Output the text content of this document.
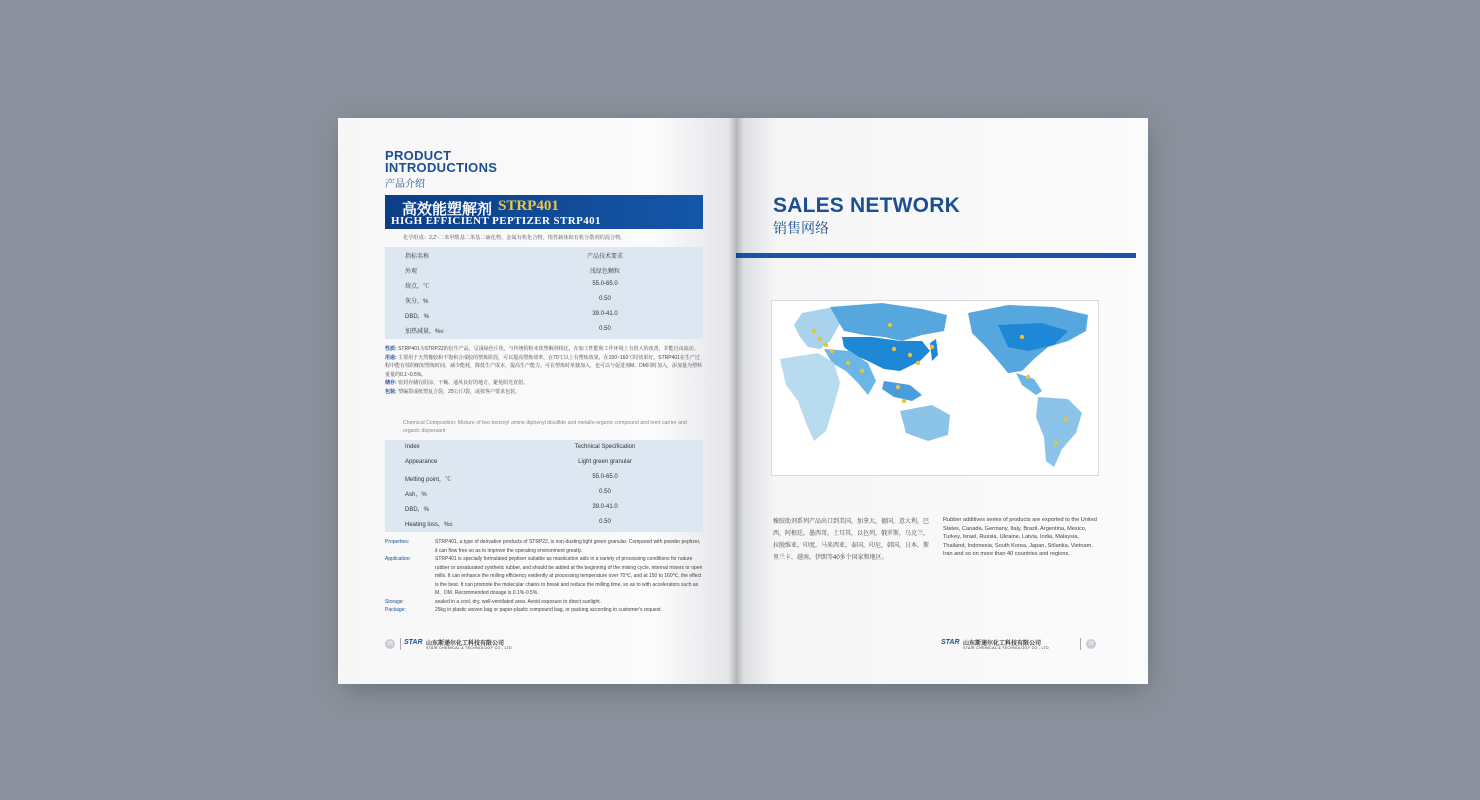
PRODUCT
INTRODUCTIONS
产品介绍
高效能塑解剂 STRP401
HIGH EFFICIENT PEPTIZER STRP401
化学组成：2,2'-二苯甲酰基二苯基二硫化物，金属有机化合物，惰性载体和有机分散剂的混合物。
指标名称	产品技术要求
外观	浅绿色颗粒
熔点，℃	55.0-65.0
灰分，%	0.50
DBD，%	39.0-41.0
加热减量，%≤	0.50
性质: STRP401为STRP22的衍生产品，呈浅绿色片状，与传统的粉末状塑解剂相比，在加工性能和工作环境上有很大的改善，并能自由流动。
用途: 主要用于天然橡胶和不饱和合成胶的塑炼阶段，可以提高塑炼效率，在70℃以上有塑炼效果，在150~160℃时效果好。STRP401在生产过程中能有效的缩短塑炼时间，减少能耗，降低生产成本，提高生产能力。可在塑炼时单独加入，也可以与促进剂M、DM同时加入，添加量为塑料重量的0.1~0.5%。
储存: 密封存储在阴凉、干燥、通风良好的地方，避免阳光直射。
包装: 塑编袋或纸塑复合袋，25公斤/袋，或按客户要求包装。
Chemical Composition: Mixture of two benzoyl amine diphenyl disulfide and metallo-organic compound and inert carrier and organic dispersant
Index	Technical Specification
Appearance	Light green granular
Melting point，℃	55.0-65.0
Ash，%	0.50
DBD，%	39.0-41.0
Heating loss，%≤	0.50
Properties:	STRP401, a type of derivative products of STRP22, is non-dusting light green granular. Compared with powder peptizer, it can flow free so as to improve the operating environment greatly.
Application:	STRP401 is specially formulated peptiser suitable as mastication aids in a variety of processing conditions for nature rubber or unsaturated synthetic rubber, and should be added at the beginning of the mixing cycle, internal mixers or open mills. It can enhance the milling efficiency evidently at processing temperature over 70℃, and at 150 to 160℃, the effect is the best. It can promote the molecular chains to break and reduce the milling time, so as to with accelerators such as M、DM. Recommended dosage is 0.1%-0.5%.
Storage:	sealed in a cool, dry, well-ventilated area. Avoid exposure to direct sunlight .
Package:	25kg in plastic woven bag or paper-plastic compound bag, or packing according to customer's request.
28	STAR 山东斯递尔化工科技有限公司
STAIR CHEMICAL & TECHNOLOGY CO., LTD
SALES NETWORK
销售网络
橡胶助剂系列产品出口到美国，加拿大，德国，意大利，巴西，阿根廷，墨西哥，土耳其，以色列，俄罗斯，乌克兰，拉脱维亚，印度，马来西亚，泰国，印尼，韩国，日本，斯里兰卡，越南，伊朗等40多个国家和地区。
Rubber additives series of products are exported to the United States, Canada, Germany, Italy, Brazil, Argentina, Mexico, Turkey, Israel, Russia, Ukraine, Latvia, India, Malaysia, Thailand, Indonesia, South Korea, Japan, Srilanka, Vietnam, Iran and so on more than 40 countries and regions.
STAR 山东斯递尔化工科技有限公司
STAIR CHEMICAL & TECHNOLOGY CO., LTD
29
